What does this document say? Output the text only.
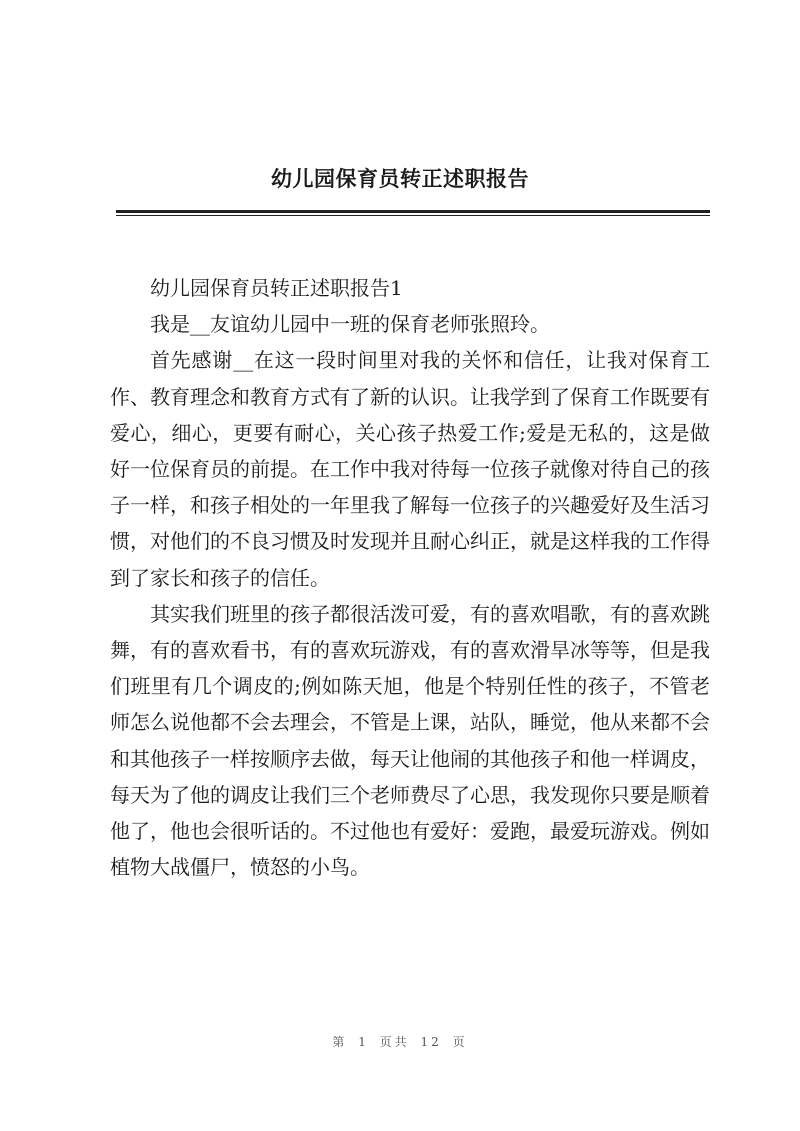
幼儿园保育员转正述职报告

幼儿园保育员转正述职报告1

我是__友谊幼儿园中一班的保育老师张照玲。

首先感谢__在这一段时间里对我的关怀和信任，让我对保育工作、教育理念和教育方式有了新的认识。让我学到了保育工作既要有爱心，细心，更要有耐心，关心孩子热爱工作;爱是无私的，这是做好一位保育员的前提。在工作中我对待每一位孩子就像对待自己的孩子一样，和孩子相处的一年里我了解每一位孩子的兴趣爱好及生活习惯，对他们的不良习惯及时发现并且耐心纠正，就是这样我的工作得到了家长和孩子的信任。

其实我们班里的孩子都很活泼可爱，有的喜欢唱歌，有的喜欢跳舞，有的喜欢看书，有的喜欢玩游戏，有的喜欢滑旱冰等等，但是我们班里有几个调皮的;例如陈天旭，他是个特别任性的孩子，不管老师怎么说他都不会去理会，不管是上课，站队，睡觉，他从来都不会和其他孩子一样按顺序去做，每天让他闹的其他孩子和他一样调皮，每天为了他的调皮让我们三个老师费尽了心思，我发现你只要是顺着他了，他也会很听话的。不过他也有爱好：爱跑，最爱玩游戏。例如植物大战僵尸，愤怒的小鸟。

第 1 页共 12 页
